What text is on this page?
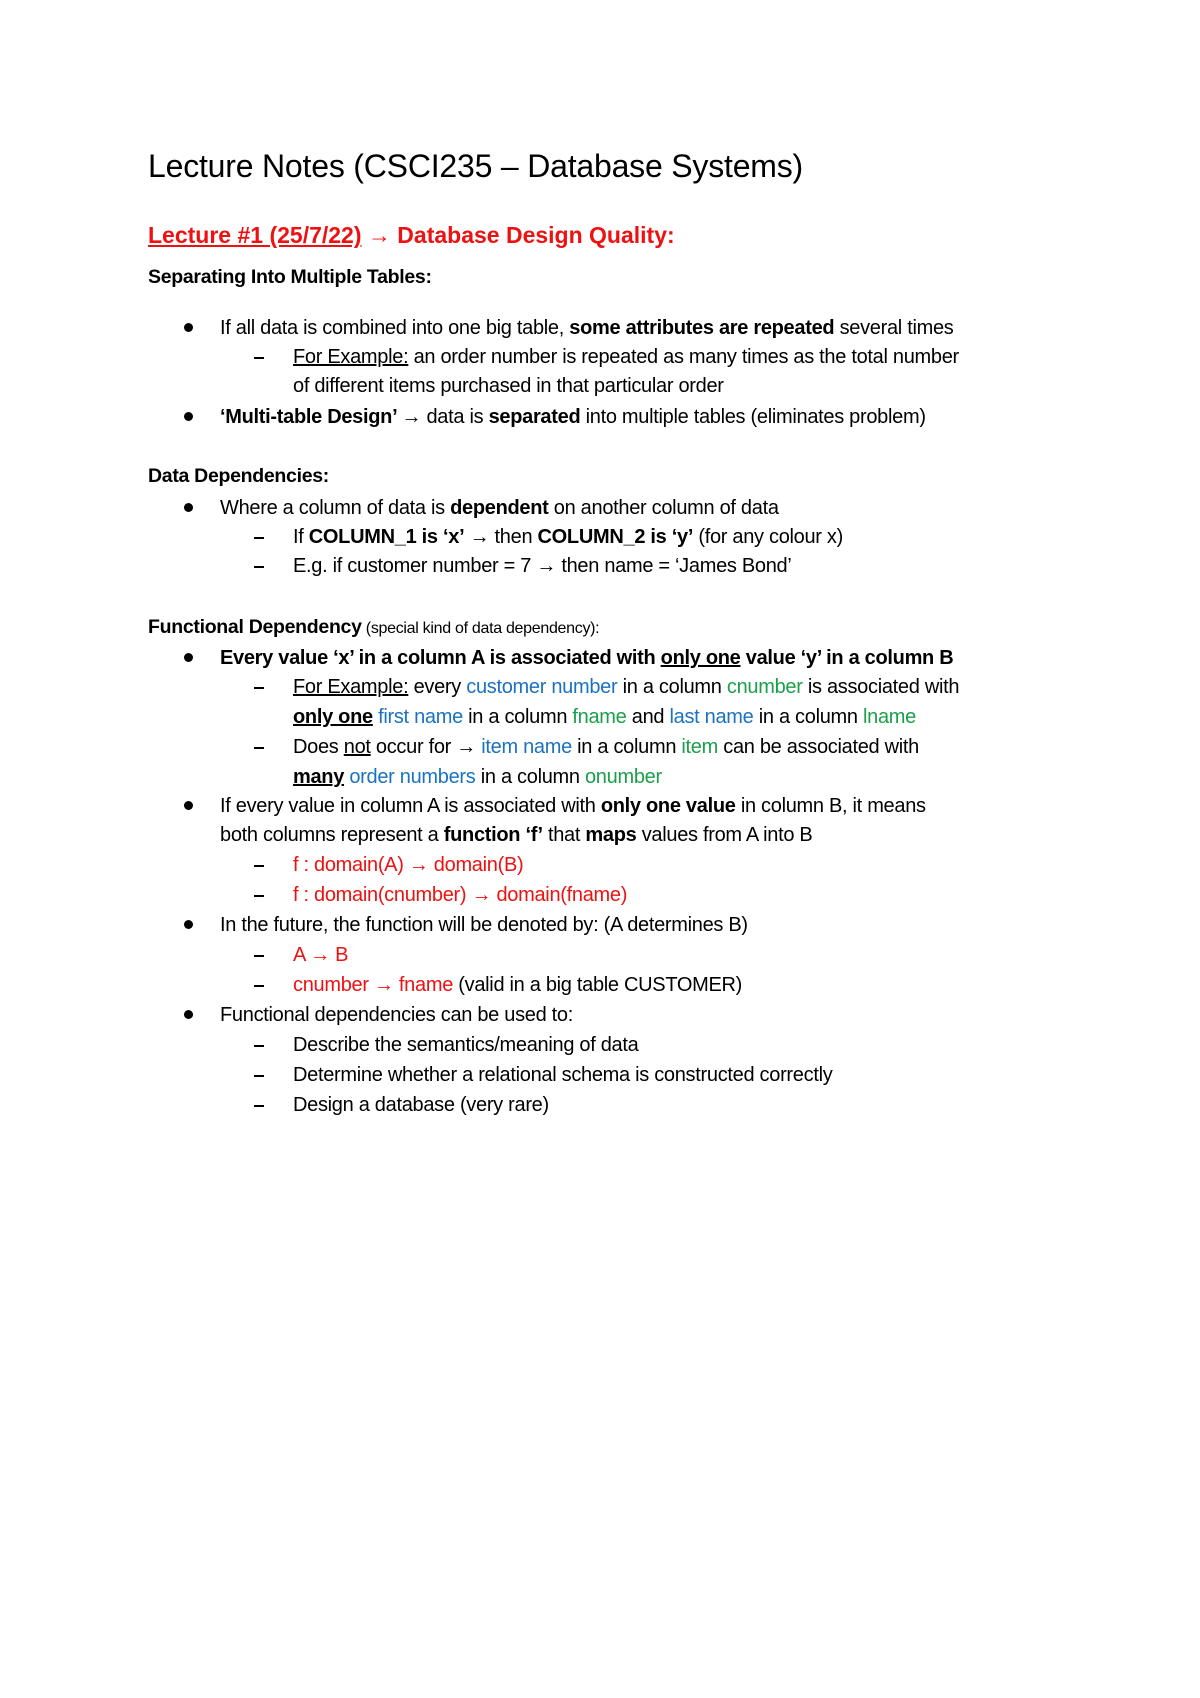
Lecture Notes (CSCI235 – Database Systems)
Lecture #1 (25/7/22) → Database Design Quality:
Separating Into Multiple Tables:
If all data is combined into one big table, some attributes are repeated several times
For Example: an order number is repeated as many times as the total number
of different items purchased in that particular order
‘Multi-table Design’ → data is separated into multiple tables (eliminates problem)
Data Dependencies:
Where a column of data is dependent on another column of data
If COLUMN_1 is ‘x’ → then COLUMN_2 is ‘y’ (for any colour x)
E.g. if customer number = 7 → then name = ‘James Bond’
Functional Dependency (special kind of data dependency):
Every value ‘x’ in a column A is associated with only one value ‘y’ in a column B
For Example: every customer number in a column cnumber is associated with
only one first name in a column fname and last name in a column lname
Does not occur for → item name in a column item can be associated with
many order numbers in a column onumber
If every value in column A is associated with only one value in column B, it means
both columns represent a function ‘f’ that maps values from A into B
f : domain(A) → domain(B)
f : domain(cnumber) → domain(fname)
In the future, the function will be denoted by: (A determines B)
A → B
cnumber → fname (valid in a big table CUSTOMER)
Functional dependencies can be used to:
Describe the semantics/meaning of data
Determine whether a relational schema is constructed correctly
Design a database (very rare)
